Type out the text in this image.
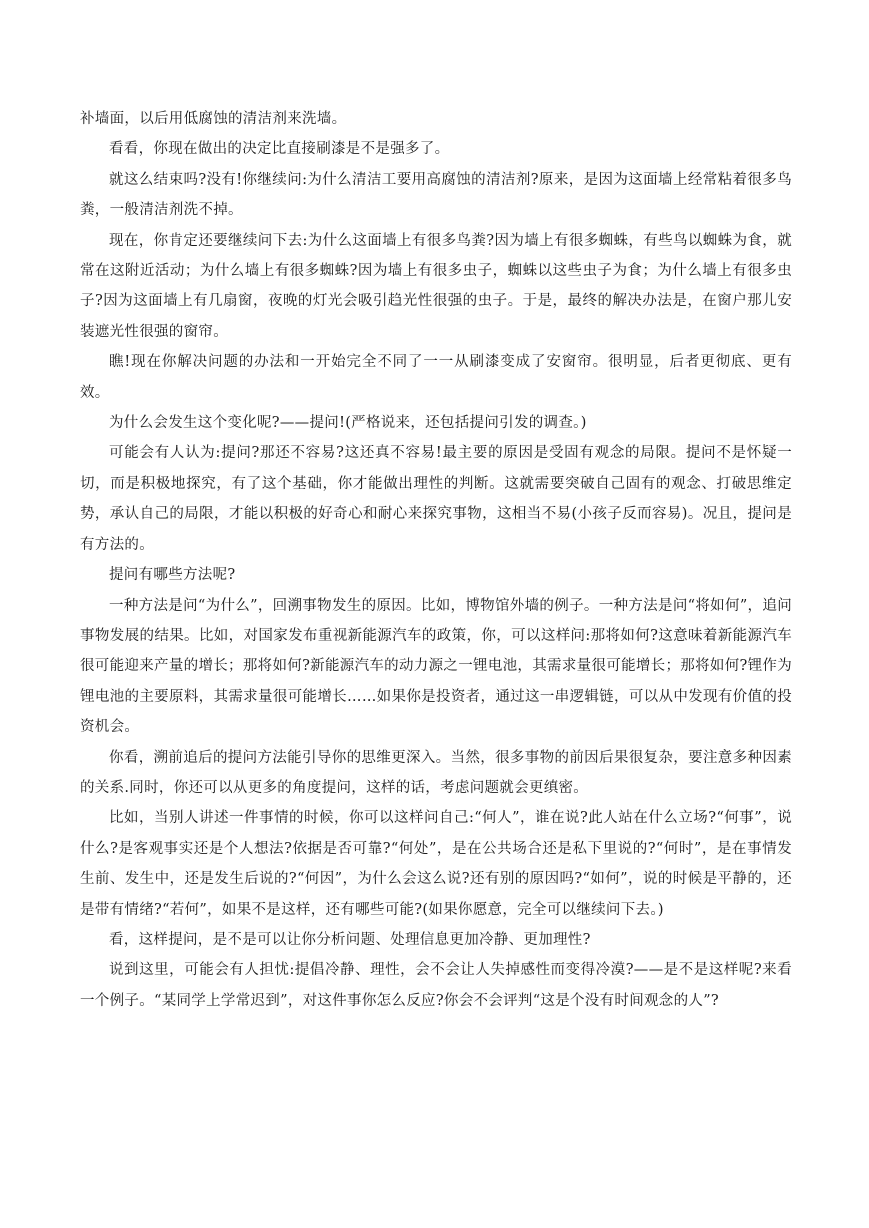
补墙面，以后用低腐蚀的清洁剂来洗墙。

看看，你现在做出的决定比直接刷漆是不是强多了。

就这么结束吗?没有!你继续问:为什么清洁工要用高腐蚀的清洁剂?原来，是因为这面墙上经常粘着很多鸟粪，一般清洁剂洗不掉。

现在，你肯定还要继续问下去:为什么这面墙上有很多鸟粪?因为墙上有很多蜘蛛，有些鸟以蜘蛛为食，就常在这附近活动；为什么墙上有很多蜘蛛?因为墙上有很多虫子，蜘蛛以这些虫子为食；为什么墙上有很多虫子?因为这面墙上有几扇窗，夜晚的灯光会吸引趋光性很强的虫子。于是，最终的解决办法是，在窗户那儿安装遮光性很强的窗帘。

瞧!现在你解决问题的办法和一开始完全不同了一一从刷漆变成了安窗帘。很明显，后者更彻底、更有效。

为什么会发生这个变化呢?——提问!(严格说来，还包括提问引发的调查。)

可能会有人认为:提问?那还不容易?这还真不容易!最主要的原因是受固有观念的局限。提问不是怀疑一切，而是积极地探究，有了这个基础，你才能做出理性的判断。这就需要突破自己固有的观念、打破思维定势，承认自己的局限，才能以积极的好奇心和耐心来探究事物，这相当不易(小孩子反而容易)。况且，提问是有方法的。

提问有哪些方法呢?

一种方法是问“为什么”，回溯事物发生的原因。比如，博物馆外墙的例子。一种方法是问“将如何”，追问事物发展的结果。比如，对国家发布重视新能源汽车的政策，你，可以这样问:那将如何?这意味着新能源汽车很可能迎来产量的增长；那将如何?新能源汽车的动力源之一锂电池，其需求量很可能增长；那将如何?锂作为锂电池的主要原料，其需求量很可能增长……如果你是投资者，通过这一串逻辑链，可以从中发现有价值的投资机会。

你看，溯前追后的提问方法能引导你的思维更深入。当然，很多事物的前因后果很复杂，要注意多种因素的关系.同时，你还可以从更多的角度提问，这样的话，考虑问题就会更缜密。

比如，当别人讲述一件事情的时候，你可以这样问自己:“何人”，谁在说?此人站在什么立场?“何事”，说什么?是客观事实还是个人想法?依据是否可靠?“何处”，是在公共场合还是私下里说的?“何时”，是在事情发生前、发生中，还是发生后说的?“何因”，为什么会这么说?还有别的原因吗?“如何”，说的时候是平静的，还是带有情绪?“若何”，如果不是这样，还有哪些可能?(如果你愿意，完全可以继续问下去。)

看，这样提问，是不是可以让你分析问题、处理信息更加冷静、更加理性?

说到这里，可能会有人担忧:提倡冷静、理性，会不会让人失掉感性而变得冷漠?——是不是这样呢?来看一个例子。“某同学上学常迟到”，对这件事你怎么反应?你会不会评判“这是个没有时间观念的人”?
